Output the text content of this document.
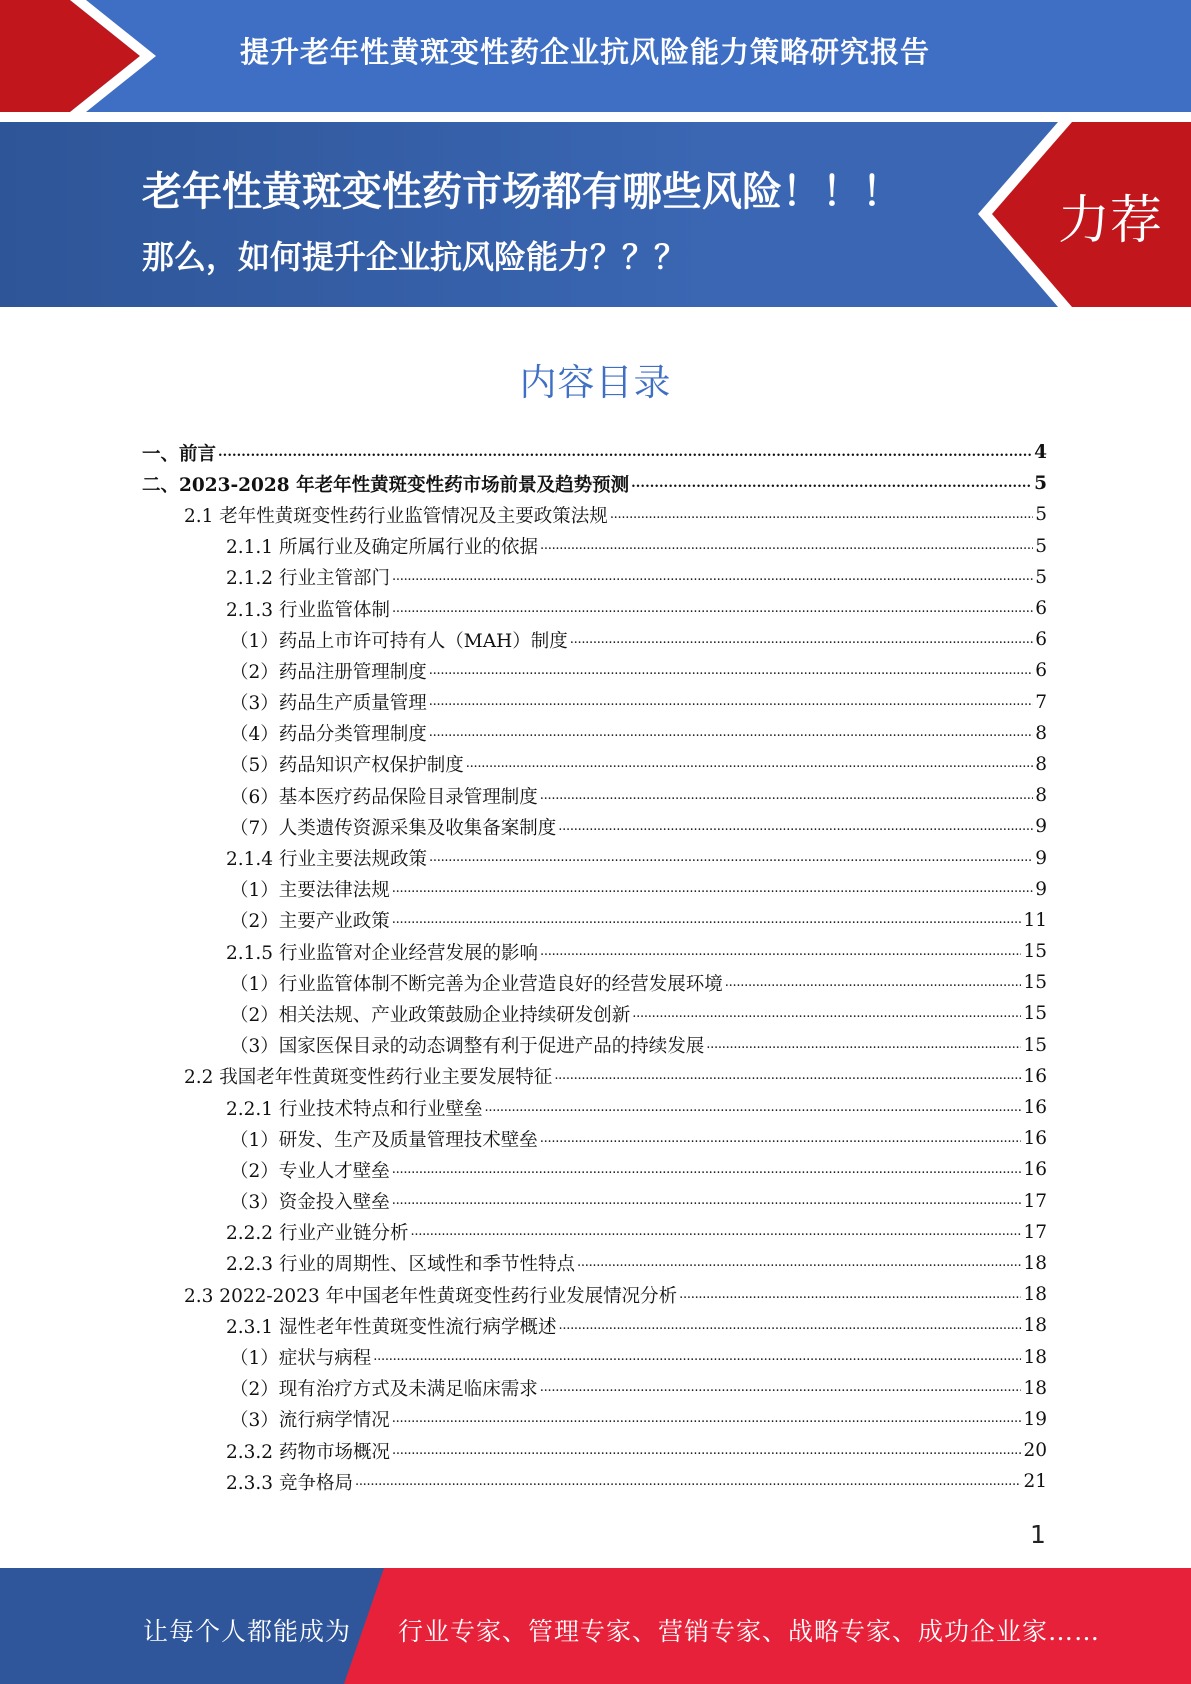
提升老年性黄斑变性药企业抗风险能力策略研究报告
老年性黄斑变性药市场都有哪些风险！！！
那么，如何提升企业抗风险能力？？？
力荐
内容目录
一、前言 . . .	4
二、2023-2028 年老年性黄斑变性药市场前景及趋势预测 . . .	5
2.1 老年性黄斑变性药行业监管情况及主要政策法规 . . .	5
2.1.1 所属行业及确定所属行业的依据 . . .	5
2.1.2 行业主管部门 . . .	5
2.1.3 行业监管体制 . . .	6
（1）药品上市许可持有人（MAH）制度 . . .	6
（2）药品注册管理制度 . . .	6
（3）药品生产质量管理 . . .	7
（4）药品分类管理制度 . . .	8
（5）药品知识产权保护制度 . . .	8
（6）基本医疗药品保险目录管理制度 . . .	8
（7）人类遗传资源采集及收集备案制度 . . .	9
2.1.4 行业主要法规政策 . . .	9
（1）主要法律法规 . . .	9
（2）主要产业政策 . . .	11
2.1.5 行业监管对企业经营发展的影响 . . .	15
（1）行业监管体制不断完善为企业营造良好的经营发展环境 . . .	15
（2）相关法规、产业政策鼓励企业持续研发创新 . . .	15
（3）国家医保目录的动态调整有利于促进产品的持续发展 . . .	15
2.2 我国老年性黄斑变性药行业主要发展特征 . . .	16
2.2.1 行业技术特点和行业壁垒 . . .	16
（1）研发、生产及质量管理技术壁垒 . . .	16
（2）专业人才壁垒 . . .	16
（3）资金投入壁垒 . . .	17
2.2.2 行业产业链分析 . . .	17
2.2.3 行业的周期性、区域性和季节性特点 . . .	18
2.3 2022-2023 年中国老年性黄斑变性药行业发展情况分析 . . .	18
2.3.1 湿性老年性黄斑变性流行病学概述 . . .	18
（1）症状与病程 . . .	18
（2）现有治疗方式及未满足临床需求 . . .	18
（3）流行病学情况 . . .	19
2.3.2 药物市场概况 . . .	20
2.3.3 竞争格局 . . .	21
1
让每个人都能成为 行业专家、管理专家、营销专家、战略专家、成功企业家……
